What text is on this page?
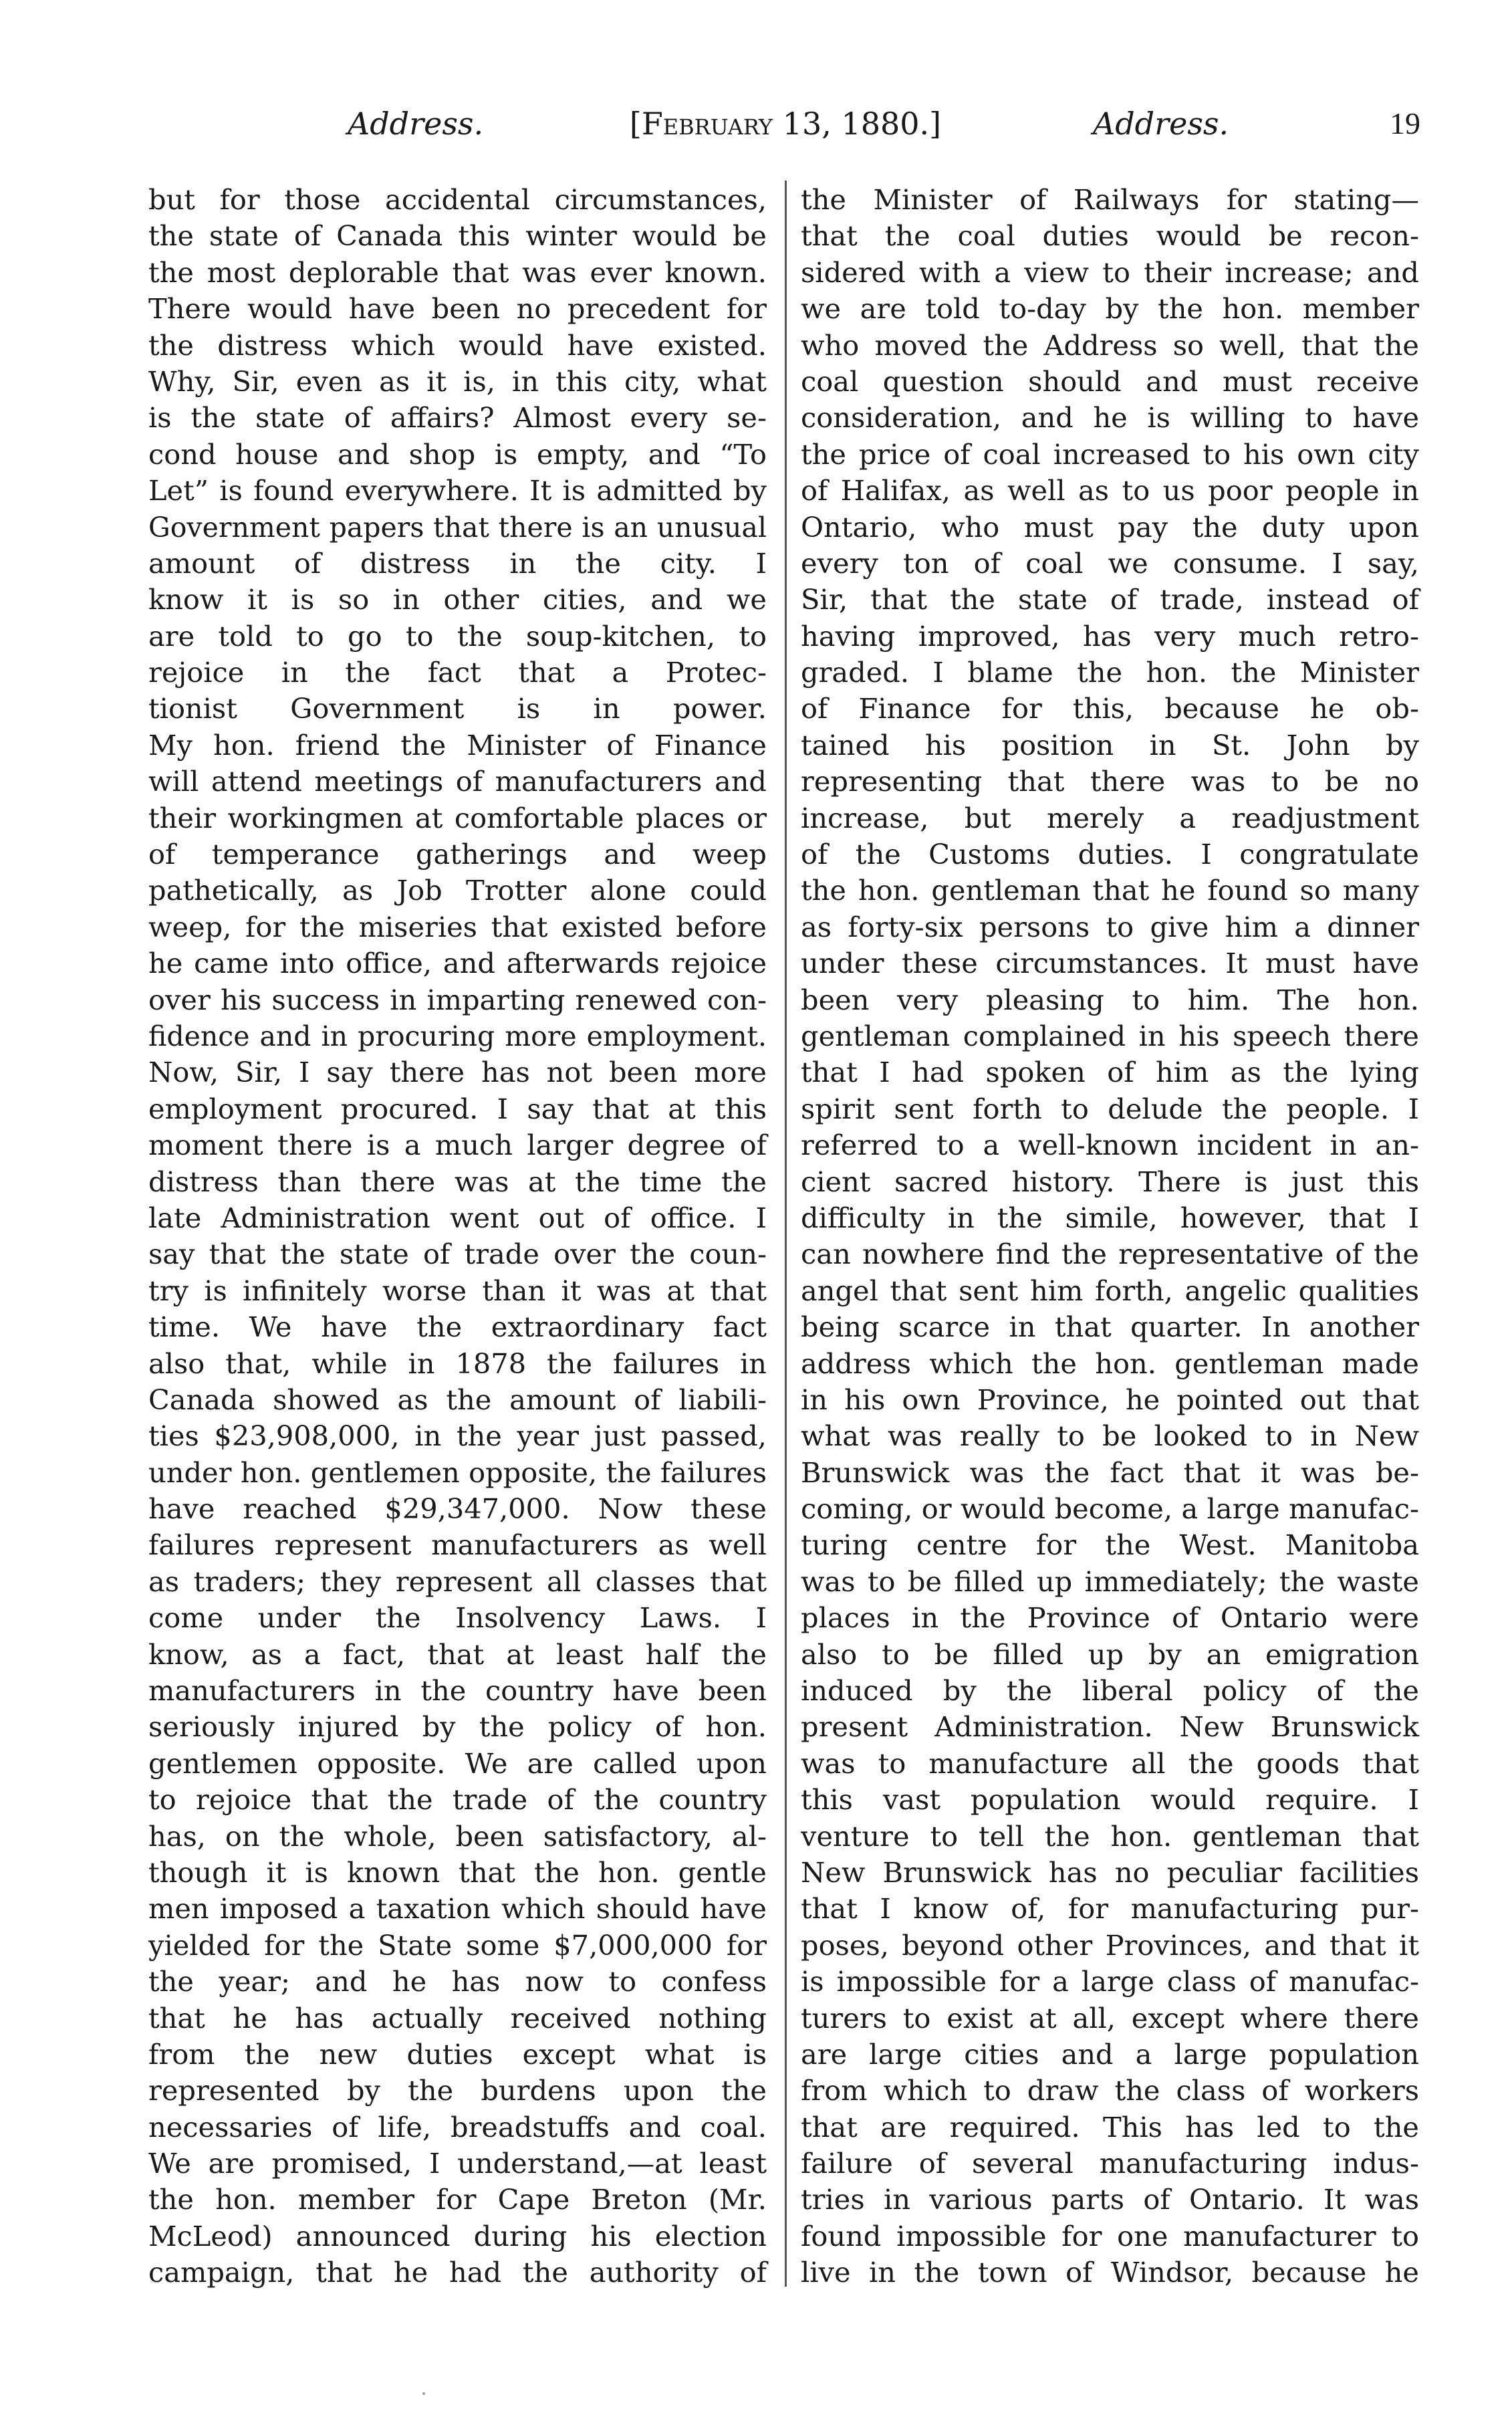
Address.	[February 13, 1880.]	Address.	19
but for those accidental circumstances,
the state of Canada this winter would be
the most deplorable that was ever known.
There would have been no precedent for
the distress which would have existed.
Why, Sir, even as it is, in this city, what
is the state of affairs? Almost every se-
cond house and shop is empty, and “To
Let” is found everywhere. It is admitted by
Government papers that there is an unusual
amount of distress in the city. I
know it is so in other cities, and we
are told to go to the soup-kitchen, to
rejoice in the fact that a Protec-
tionist Government is in power.
My hon. friend the Minister of Finance
will attend meetings of manufacturers and
their workingmen at comfortable places or
of temperance gatherings and weep
pathetically, as Job Trotter alone could
weep, for the miseries that existed before
he came into office, and afterwards rejoice
over his success in imparting renewed con-
fidence and in procuring more employment.
Now, Sir, I say there has not been more
employment procured. I say that at this
moment there is a much larger degree of
distress than there was at the time the
late Administration went out of office. I
say that the state of trade over the coun-
try is infinitely worse than it was at that
time. We have the extraordinary fact
also that, while in 1878 the failures in
Canada showed as the amount of liabili-
ties $23,908,000, in the year just passed,
under hon. gentlemen opposite, the failures
have reached $29,347,000. Now these
failures represent manufacturers as well
as traders; they represent all classes that
come under the Insolvency Laws. I
know, as a fact, that at least half the
manufacturers in the country have been
seriously injured by the policy of hon.
gentlemen opposite. We are called upon
to rejoice that the trade of the country
has, on the whole, been satisfactory, al-
though it is known that the hon. gentle
men imposed a taxation which should have
yielded for the State some $7,000,000 for
the year; and he has now to confess
that he has actually received nothing
from the new duties except what is
represented by the burdens upon the
necessaries of life, breadstuffs and coal.
We are promised, I understand,—at least
the hon. member for Cape Breton (Mr.
McLeod) announced during his election
campaign, that he had the authority of
the Minister of Railways for stating—
that the coal duties would be recon-
sidered with a view to their increase; and
we are told to-day by the hon. member
who moved the Address so well, that the
coal question should and must receive
consideration, and he is willing to have
the price of coal increased to his own city
of Halifax, as well as to us poor people in
Ontario, who must pay the duty upon
every ton of coal we consume. I say,
Sir, that the state of trade, instead of
having improved, has very much retro-
graded. I blame the hon. the Minister
of Finance for this, because he ob-
tained his position in St. John by
representing that there was to be no
increase, but merely a readjustment
of the Customs duties. I congratulate
the hon. gentleman that he found so many
as forty-six persons to give him a dinner
under these circumstances. It must have
been very pleasing to him. The hon.
gentleman complained in his speech there
that I had spoken of him as the lying
spirit sent forth to delude the people. I
referred to a well-known incident in an-
cient sacred history. There is just this
difficulty in the simile, however, that I
can nowhere find the representative of the
angel that sent him forth, angelic qualities
being scarce in that quarter. In another
address which the hon. gentleman made
in his own Province, he pointed out that
what was really to be looked to in New
Brunswick was the fact that it was be-
coming, or would become, a large manufac-
turing centre for the West. Manitoba
was to be filled up immediately; the waste
places in the Province of Ontario were
also to be filled up by an emigration
induced by the liberal policy of the
present Administration. New Brunswick
was to manufacture all the goods that
this vast population would require. I
venture to tell the hon. gentleman that
New Brunswick has no peculiar facilities
that I know of, for manufacturing pur-
poses, beyond other Provinces, and that it
is impossible for a large class of manufac-
turers to exist at all, except where there
are large cities and a large population
from which to draw the class of workers
that are required. This has led to the
failure of several manufacturing indus-
tries in various parts of Ontario. It was
found impossible for one manufacturer to
live in the town of Windsor, because he
